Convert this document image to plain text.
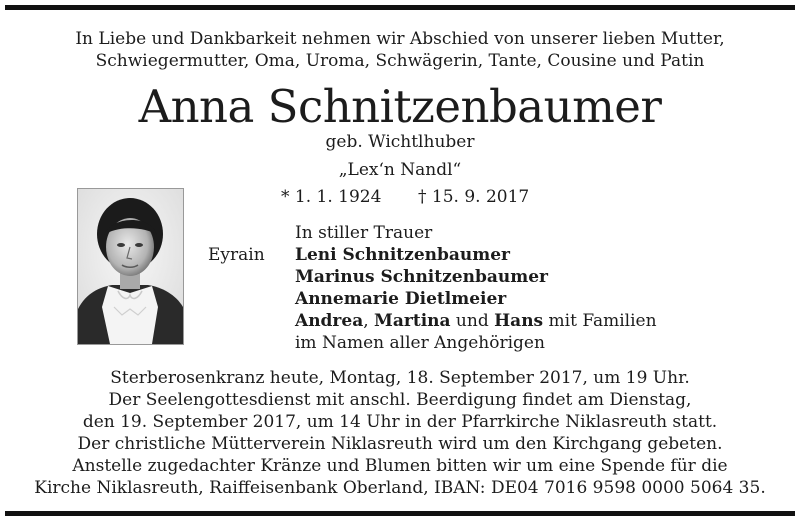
In Liebe und Dankbarkeit nehmen wir Abschied von unserer lieben Mutter,
Schwiegermutter, Oma, Uroma, Schwägerin, Tante, Cousine und Patin
Anna Schnitzenbaumer
geb. Wichtlhuber
„Lex‘n Nandl“
* 1. 1. 1924 † 15. 9. 2017
Eyrain
In stiller Trauer
Leni Schnitzenbaumer
Marinus Schnitzenbaumer
Annemarie Dietlmeier
Andrea, Martina und Hans mit Familien
im Namen aller Angehörigen
Sterberosenkranz heute, Montag, 18. September 2017, um 19 Uhr.
Der Seelengottesdienst mit anschl. Beerdigung findet am Dienstag,
den 19. September 2017, um 14 Uhr in der Pfarrkirche Niklasreuth statt.
Der christliche Mütterverein Niklasreuth wird um den Kirchgang gebeten.
Anstelle zugedachter Kränze und Blumen bitten wir um eine Spende für die
Kirche Niklasreuth, Raiffeisenbank Oberland, IBAN: DE04 7016 9598 0000 5064 35.
